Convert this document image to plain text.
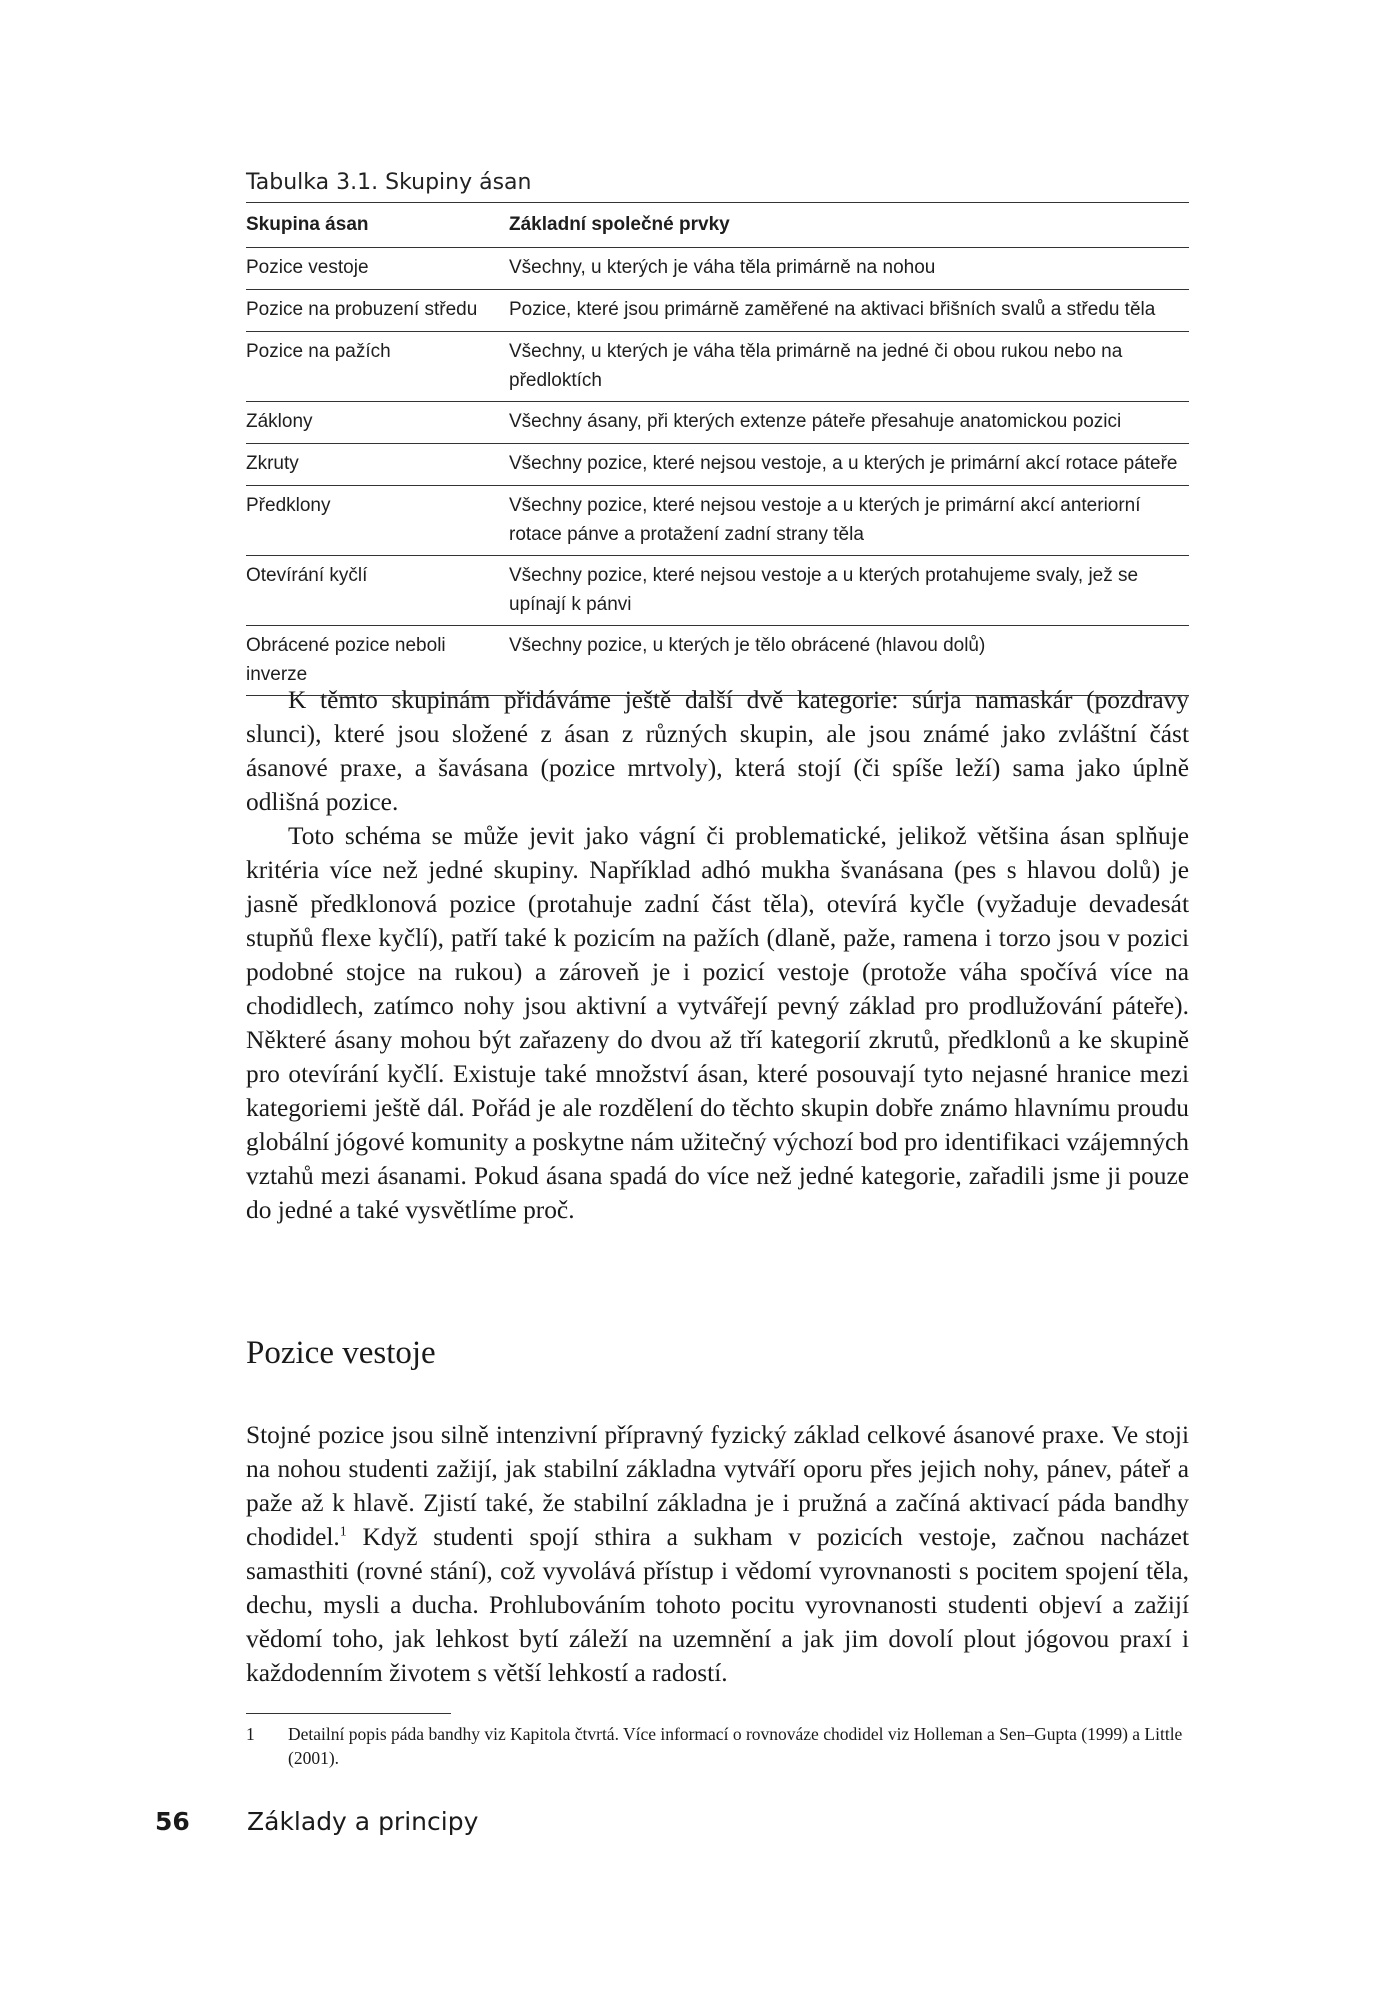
Tabulka 3.1. Skupiny ásan
Skupina ásan	Základní společné prvky
Pozice vestoje	Všechny, u kterých je váha těla primárně na nohou
Pozice na probuzení středu	Pozice, které jsou primárně zaměřené na aktivaci břišních svalů a středu těla
Pozice na pažích	Všechny, u kterých je váha těla primárně na jedné či obou rukou nebo na předloktích
Záklony	Všechny ásany, při kterých extenze páteře přesahuje anatomickou pozici
Zkruty	Všechny pozice, které nejsou vestoje, a u kterých je primární akcí rotace páteře
Předklony	Všechny pozice, které nejsou vestoje a u kterých je primární akcí anteriorní rotace pánve a protažení zadní strany těla
Otevírání kyčlí	Všechny pozice, které nejsou vestoje a u kterých protahujeme svaly, jež se upínají k pánvi
Obrácené pozice neboli inverze	Všechny pozice, u kterých je tělo obrácené (hlavou dolů)

K těmto skupinám přidáváme ještě další dvě kategorie: súrja namaskár (pozdravy slunci), které jsou složené z ásan z různých skupin, ale jsou známé jako zvláštní část ásanové praxe, a šavásana (pozice mrtvoly), která stojí (či spíše leží) sama jako úplně odlišná pozice.

Toto schéma se může jevit jako vágní či problematické, jelikož většina ásan splňuje kritéria více než jedné skupiny. Například adhó mukha švanásana (pes s hlavou dolů) je jasně předklonová pozice (protahuje zadní část těla), otevírá kyčle (vyžaduje devadesát stupňů flexe kyčlí), patří také k pozicím na pažích (dlaně, paže, ramena i torzo jsou v pozici podobné stojce na rukou) a zároveň je i pozicí vestoje (protože váha spočívá více na chodidlech, zatímco nohy jsou aktivní a vytvářejí pevný základ pro prodlužování páteře). Některé ásany mohou být zařazeny do dvou až tří kategorií zkrutů, předklonů a ke skupině pro otevírání kyčlí. Existuje také množství ásan, které posouvají tyto nejasné hranice mezi kategoriemi ještě dál. Pořád je ale rozdělení do těchto skupin dobře známo hlavnímu proudu globální jógové komunity a poskytne nám užitečný výchozí bod pro identifikaci vzájemných vztahů mezi ásanami. Pokud ásana spadá do více než jedné kategorie, zařadili jsme ji pouze do jedné a také vysvětlíme proč.

Pozice vestoje

Stojné pozice jsou silně intenzivní přípravný fyzický základ celkové ásanové praxe. Ve stoji na nohou studenti zažijí, jak stabilní základna vytváří oporu přes jejich nohy, pánev, páteř a paže až k hlavě. Zjistí také, že stabilní základna je i pružná a začíná aktivací páda bandhy chodidel.$^1$ Když studenti spojí sthira a sukham v pozicích vestoje, začnou nacházet samasthiti (rovné stání), což vyvolává přístup i vědomí vyrovnanosti s pocitem spojení těla, dechu, mysli a ducha. Prohlubováním tohoto pocitu vyrovnanosti studenti objeví a zažijí vědomí toho, jak lehkost bytí záleží na uzemnění a jak jim dovolí plout jógovou praxí i každodenním životem s větší lehkostí a radostí.

1 Detailní popis páda bandhy viz Kapitola čtvrtá. Více informací o rovnováze chodidel viz Holleman a Sen–Gupta (1999) a Little (2001).
56 Základy a principy
